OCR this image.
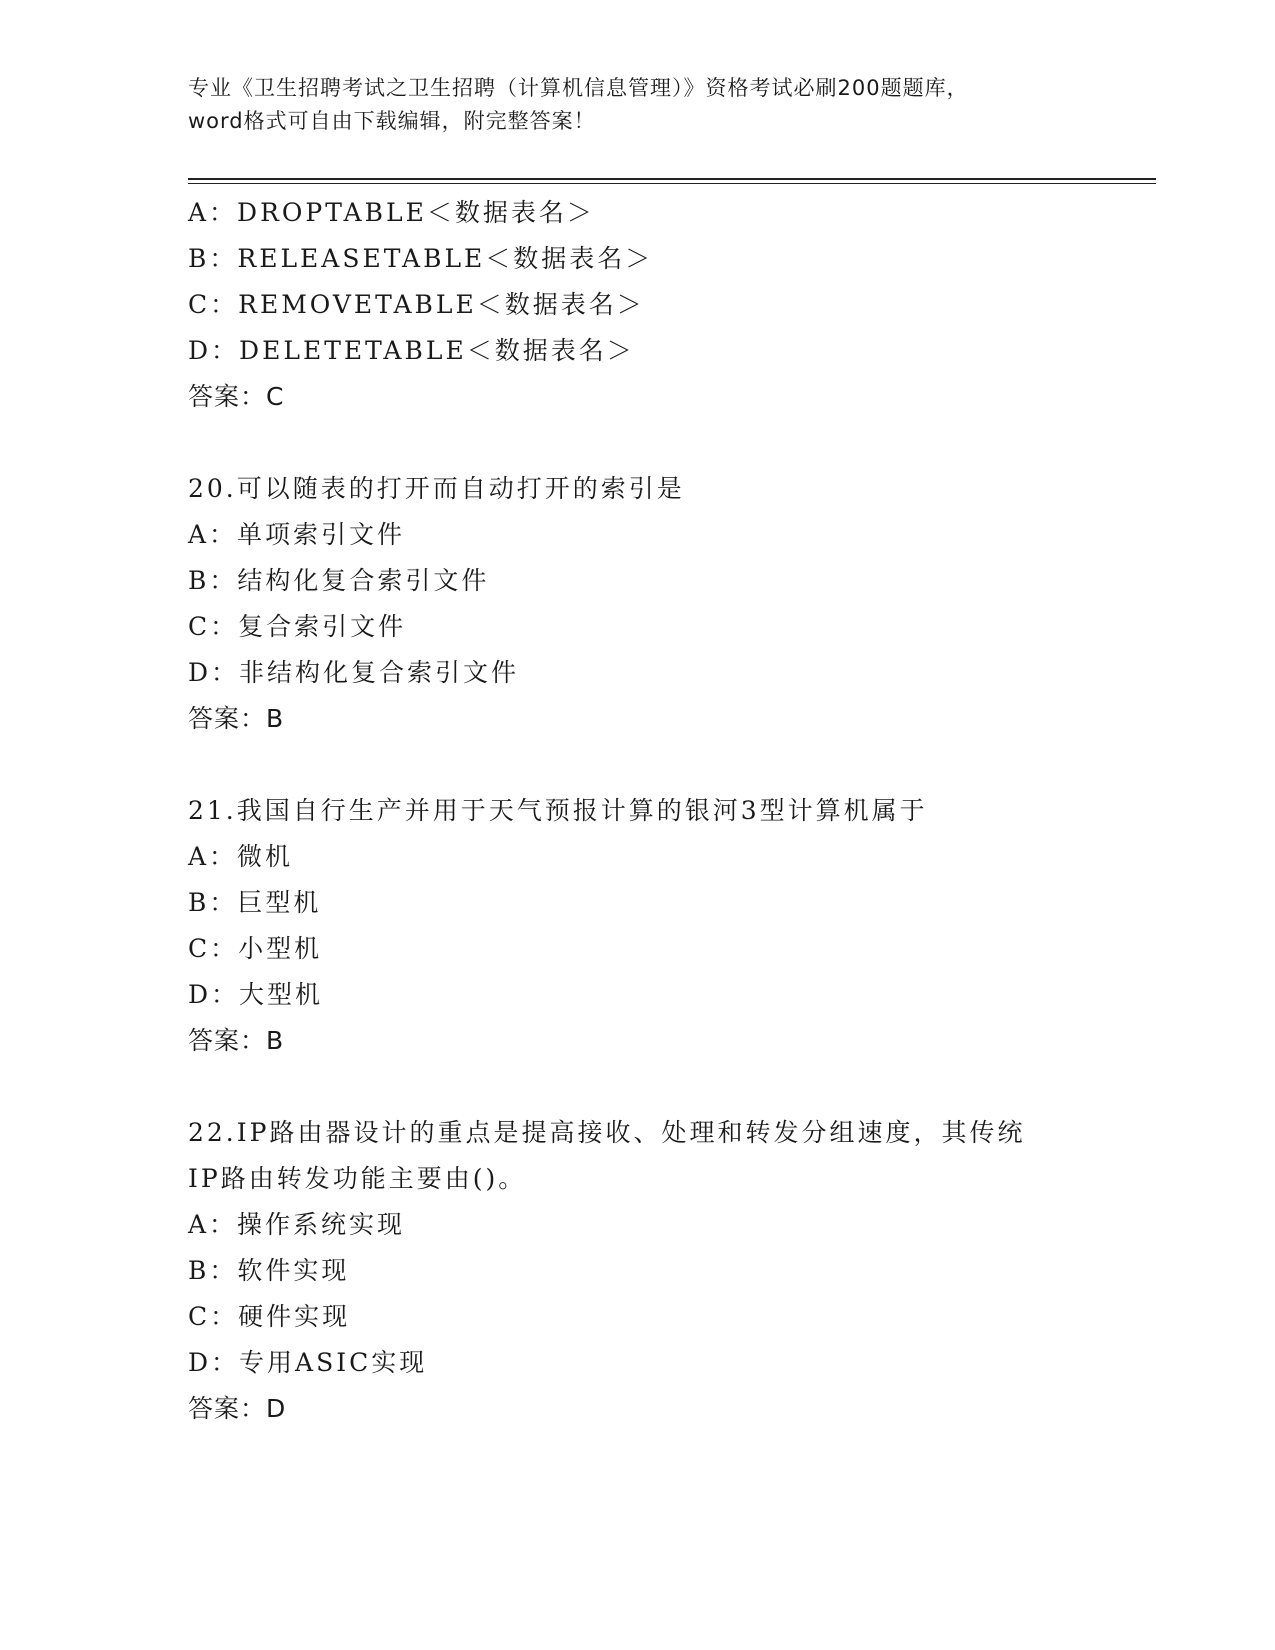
专业《卫生招聘考试之卫生招聘（计算机信息管理）》资格考试必刷200题题库，
word格式可自由下载编辑，附完整答案！
A：DROPTABLE＜数据表名＞
B：RELEASETABLE＜数据表名＞
C：REMOVETABLE＜数据表名＞
D：DELETETABLE＜数据表名＞
答案：C
20.可以随表的打开而自动打开的索引是
A：单项索引文件
B：结构化复合索引文件
C：复合索引文件
D：非结构化复合索引文件
答案：B
21.我国自行生产并用于天气预报计算的银河3型计算机属于
A：微机
B：巨型机
C：小型机
D：大型机
答案：B
22.IP路由器设计的重点是提高接收、处理和转发分组速度，其传统
IP路由转发功能主要由()。
A：操作系统实现
B：软件实现
C：硬件实现
D：专用ASIC实现
答案：D
